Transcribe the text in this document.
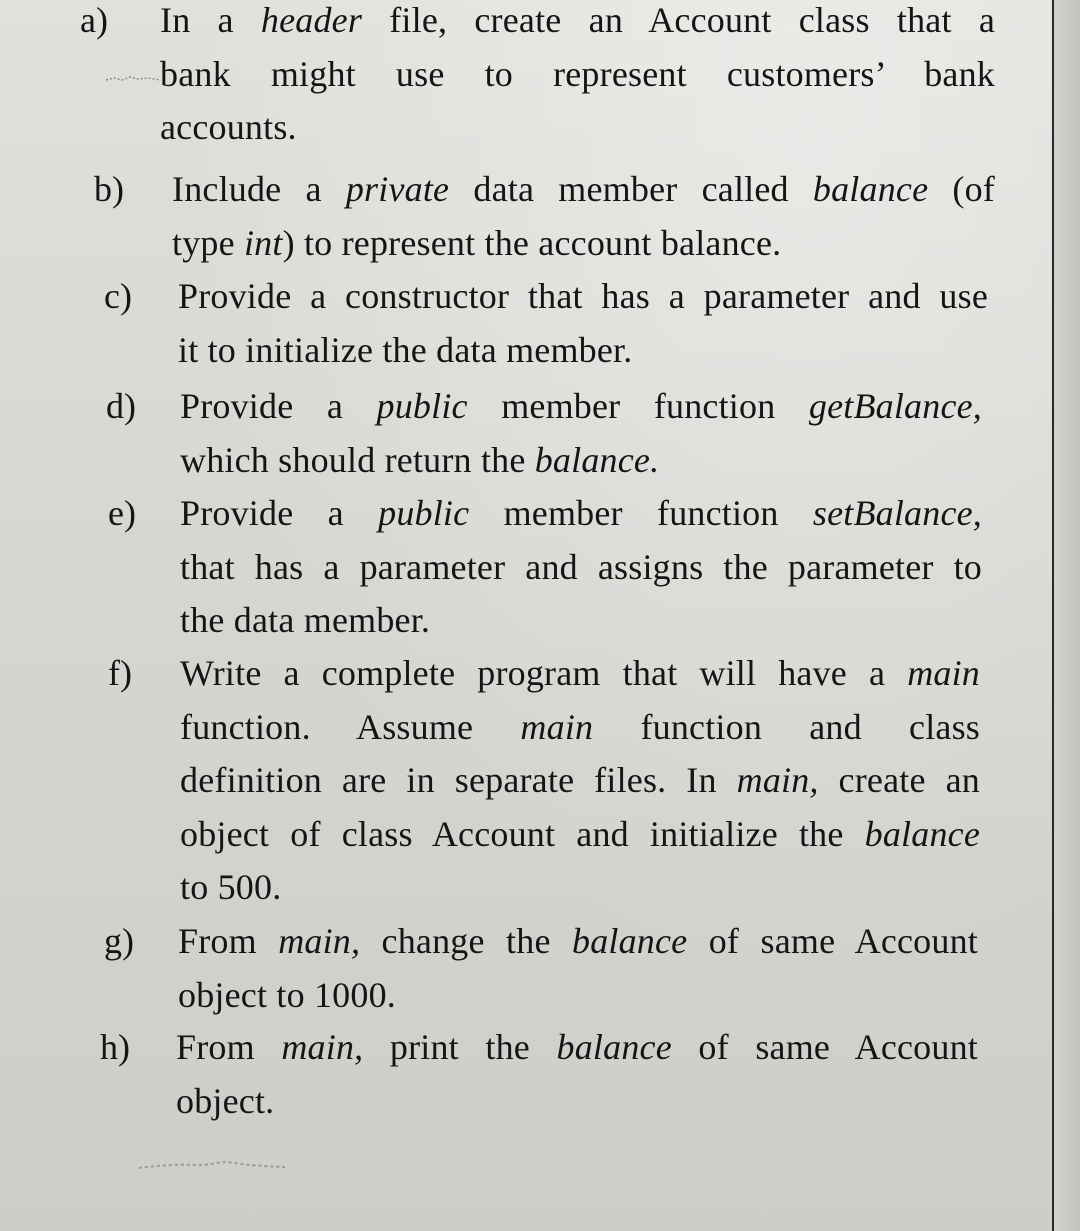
a) In a header file, create an Account class that a
bank might use to represent customers’ bank
accounts.
b) Include a private data member called balance (of
type int) to represent the account balance.
c) Provide a constructor that has a parameter and use
it to initialize the data member.
d) Provide a public member function getBalance,
which should return the balance.
e) Provide a public member function setBalance,
that has a parameter and assigns the parameter to
the data member.
f) Write a complete program that will have a main
function. Assume main function and class
definition are in separate files. In main, create an
object of class Account and initialize the balance
to 500.
g) From main, change the balance of same Account
object to 1000.
h) From main, print the balance of same Account
object.
